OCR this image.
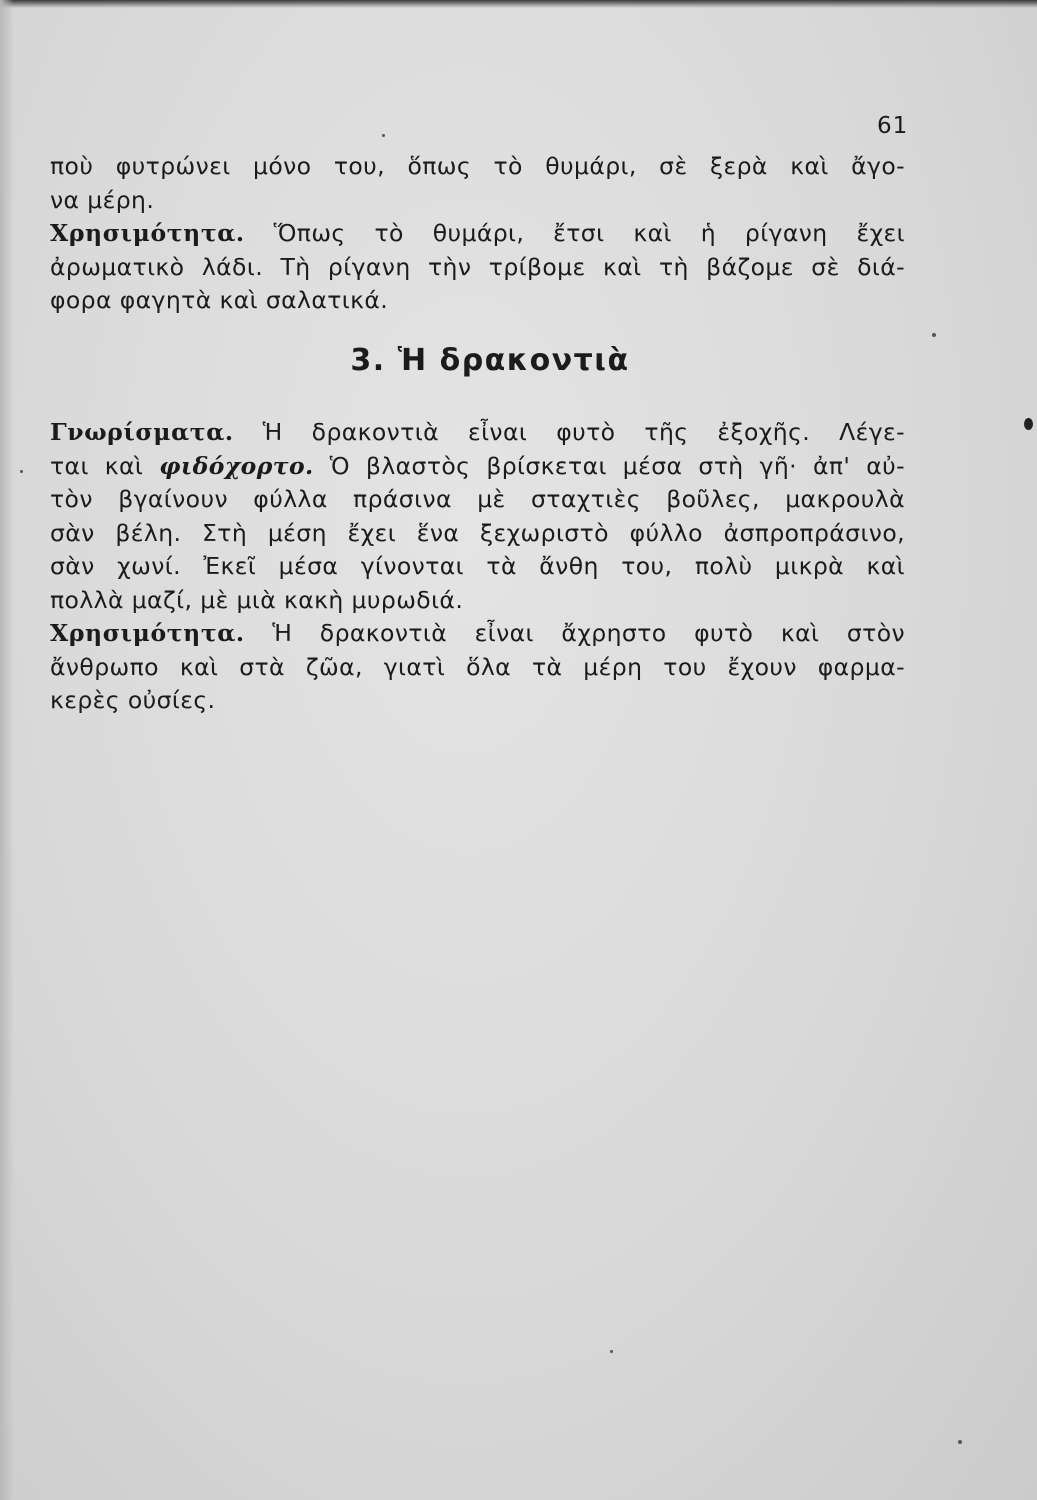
61

ποὺ φυτρώνει μόνο του, ὅπως τὸ θυμάρι, σὲ ξερὰ καὶ ἄγο-
να μέρη.

Χρησιμότητα. Ὅπως τὸ θυμάρι, ἔτσι καὶ ἡ ρίγανη ἔχει
ἀρωματικὸ λάδι. Τὴ ρίγανη τὴν τρίβομε καὶ τὴ βάζομε σὲ διά-
φορα φαγητὰ καὶ σαλατικά.

3. Ἡ δρακοντιὰ

Γνωρίσματα. Ἡ δρακοντιὰ εἶναι φυτὸ τῆς ἐξοχῆς. Λέγε-
ται καὶ φιδόχορτο. Ὁ βλαστὸς βρίσκεται μέσα στὴ γῆ· ἀπ' αὐ-
τὸν βγαίνουν φύλλα πράσινα μὲ σταχτιὲς βοῦλες, μακρουλὰ
σὰν βέλη. Στὴ μέση ἔχει ἕνα ξεχωριστὸ φύλλο ἀσπροπράσινο,
σὰν χωνί. Ἐκεῖ μέσα γίνονται τὰ ἄνθη του, πολὺ μικρὰ καὶ
πολλὰ μαζί, μὲ μιὰ κακὴ μυρωδιά.

Χρησιμότητα. Ἡ δρακοντιὰ εἶναι ἄχρηστο φυτὸ καὶ στὸν
ἄνθρωπο καὶ στὰ ζῶα, γιατὶ ὅλα τὰ μέρη του ἔχουν φαρμα-
κερὲς οὐσίες.
